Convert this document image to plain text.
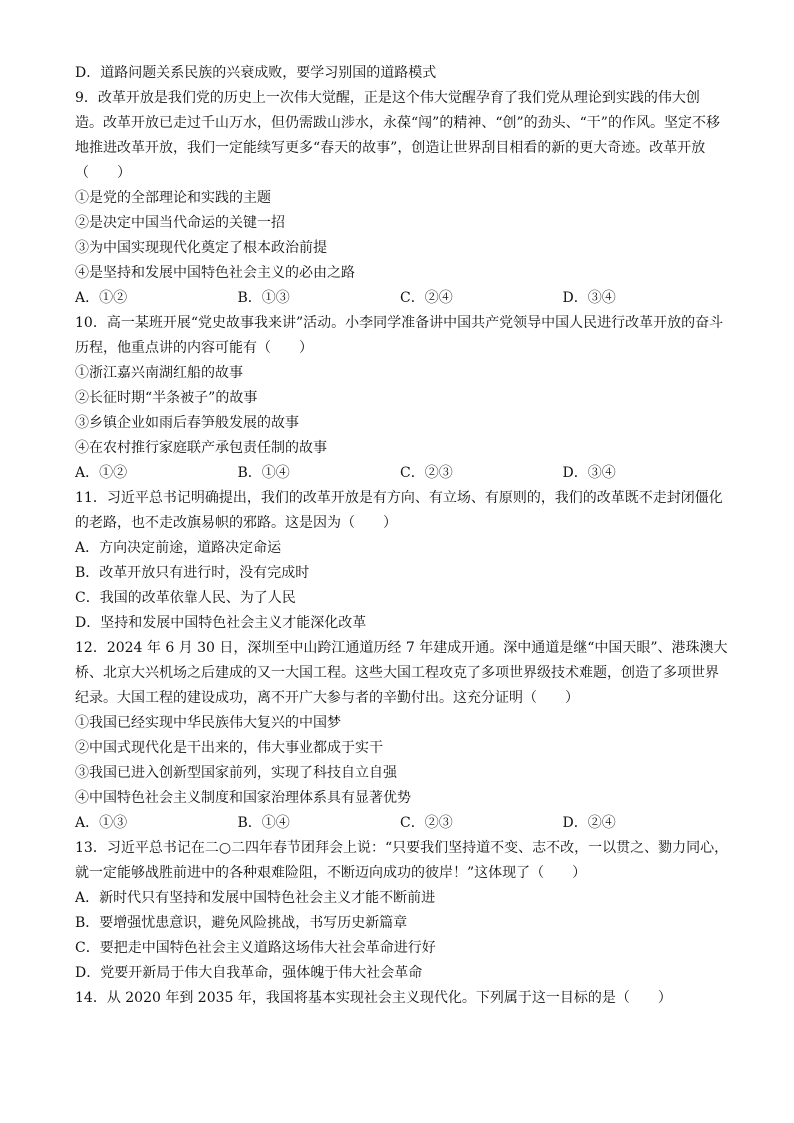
D．道路问题关系民族的兴衰成败，要学习别国的道路模式
9．改革开放是我们党的历史上一次伟大觉醒，正是这个伟大觉醒孕育了我们党从理论到实践的伟大创
造。改革开放已走过千山万水，但仍需跋山涉水，永葆“闯”的精神、“创”的劲头、“干”的作风。坚定不移
地推进改革开放，我们一定能续写更多“春天的故事”，创造让世界刮目相看的新的更大奇迹。改革开放
（　　）
①是党的全部理论和实践的主题
②是决定中国当代命运的关键一招
③为中国实现现代化奠定了根本政治前提
④是坚持和发展中国特色社会主义的必由之路
A．①②	B．①③	C．②④	D．③④
10．高一某班开展“党史故事我来讲”活动。小李同学准备讲中国共产党领导中国人民进行改革开放的奋斗
历程，他重点讲的内容可能有（　　）
①浙江嘉兴南湖红船的故事
②长征时期“半条被子”的故事
③乡镇企业如雨后春笋般发展的故事
④在农村推行家庭联产承包责任制的故事
A．①②	B．①④	C．②③	D．③④
11．习近平总书记明确提出，我们的改革开放是有方向、有立场、有原则的，我们的改革既不走封闭僵化
的老路，也不走改旗易帜的邪路。这是因为（　　）
A．方向决定前途，道路决定命运
B．改革开放只有进行时，没有完成时
C．我国的改革依靠人民、为了人民
D．坚持和发展中国特色社会主义才能深化改革
12．2024 年 6 月 30 日，深圳至中山跨江通道历经 7 年建成开通。深中通道是继“中国天眼”、港珠澳大
桥、北京大兴机场之后建成的又一大国工程。这些大国工程攻克了多项世界级技术难题，创造了多项世界
纪录。大国工程的建设成功，离不开广大参与者的辛勤付出。这充分证明（　　）
①我国已经实现中华民族伟大复兴的中国梦
②中国式现代化是干出来的，伟大事业都成于实干
③我国已进入创新型国家前列，实现了科技自立自强
④中国特色社会主义制度和国家治理体系具有显著优势
A．①③	B．①④	C．②③	D．②④
13．习近平总书记在二○二四年春节团拜会上说：“只要我们坚持道不变、志不改，一以贯之、勠力同心，
就一定能够战胜前进中的各种艰难险阻，不断迈向成功的彼岸！”这体现了（　　）
A．新时代只有坚持和发展中国特色社会主义才能不断前进
B．要增强忧患意识，避免风险挑战，书写历史新篇章
C．要把走中国特色社会主义道路这场伟大社会革命进行好
D．党要开新局于伟大自我革命，强体魄于伟大社会革命
14．从 2020 年到 2035 年，我国将基本实现社会主义现代化。下列属于这一目标的是（　　）
